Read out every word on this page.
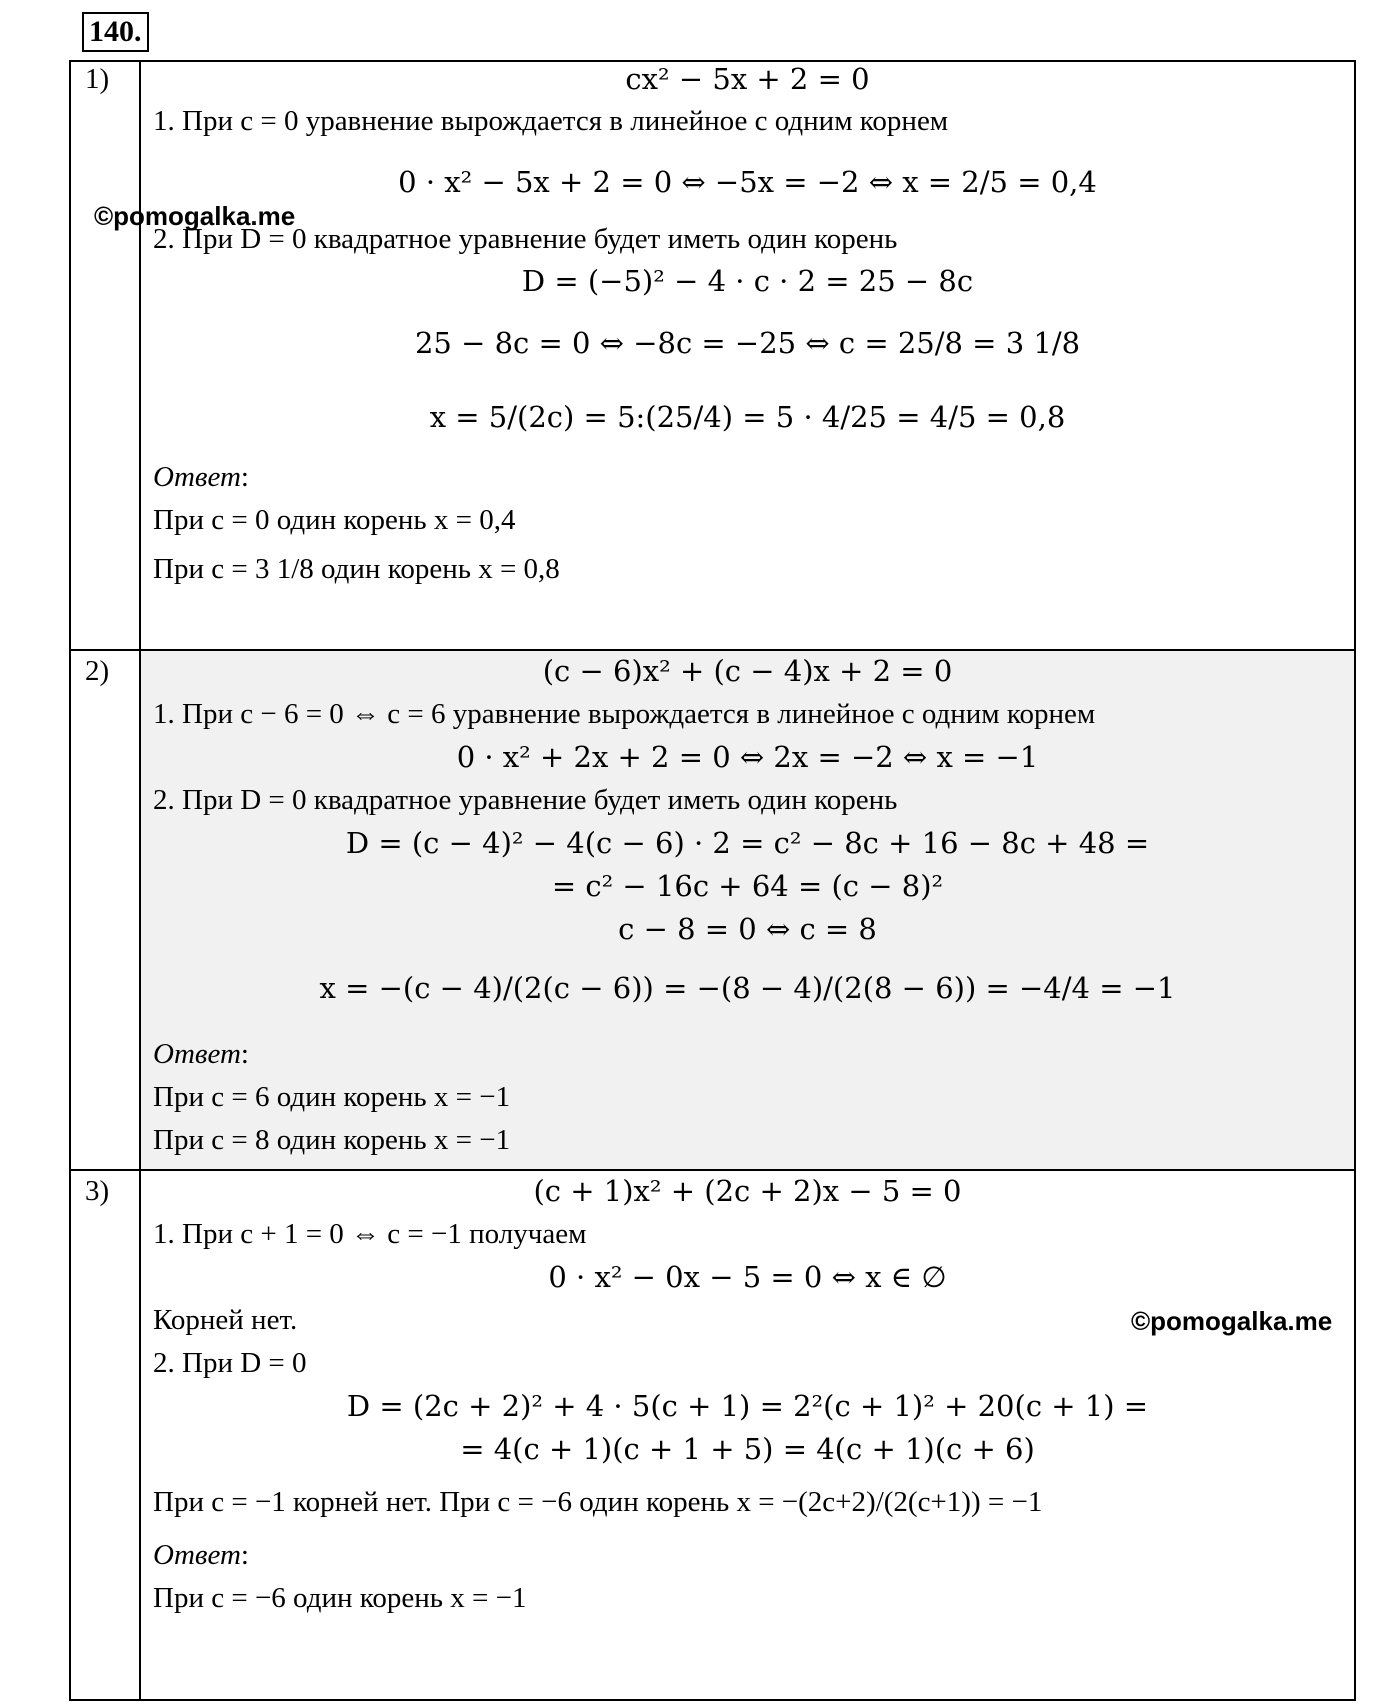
140.
1)	cx² − 5x + 2 = 0
1. При c = 0 уравнение вырождается в линейное с одним корнем
0 · x² − 5x + 2 = 0 ⇔ −5x = −2 ⇔ x = 2/5 = 0,4
2. При D = 0 квадратное уравнение будет иметь один корень
D = (−5)² − 4 · c · 2 = 25 − 8c
25 − 8c = 0 ⇔ −8c = −25 ⇔ c = 25/8 = 3 1/8
x = 5/(2c) = 5:(25/4) = 5 · 4/25 = 4/5 = 0,8
Ответ:
При c = 0 один корень x = 0,4
При c = 3 1/8 один корень x = 0,8
2)	(c − 6)x² + (c − 4)x + 2 = 0
1. При c − 6 = 0 ⇔ c = 6 уравнение вырождается в линейное с одним корнем
0 · x² + 2x + 2 = 0 ⇔ 2x = −2 ⇔ x = −1
2. При D = 0 квадратное уравнение будет иметь один корень
D = (c − 4)² − 4(c − 6) · 2 = c² − 8c + 16 − 8c + 48 =
= c² − 16c + 64 = (c − 8)²
c − 8 = 0 ⇔ c = 8
x = −(c − 4)/(2(c − 6)) = −(8 − 4)/(2(8 − 6)) = −4/4 = −1
Ответ:
При c = 6 один корень x = −1
При c = 8 один корень x = −1
3)	(c + 1)x² + (2c + 2)x − 5 = 0
1. При c + 1 = 0 ⇔ c = −1 получаем
0 · x² − 0x − 5 = 0 ⇔ x ∈ ∅
Корней нет.
2. При D = 0
D = (2c + 2)² + 4 · 5(c + 1) = 2²(c + 1)² + 20(c + 1) =
= 4(c + 1)(c + 1 + 5) = 4(c + 1)(c + 6)
При c = −1 корней нет. При c = −6 один корень x = −(2c+2)/(2(c+1)) = −1
Ответ:
При c = −6 один корень x = −1
©pomogalka.me
©pomogalka.me
